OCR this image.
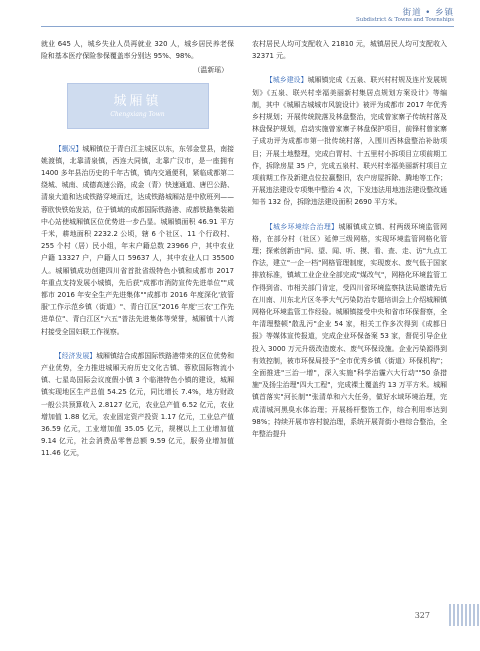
街道 • 乡镇
Subdistrict & Towns and Townships

就业 645 人，城乡失业人员再就业 320 人，城乡居民养老保险和基本医疗保险参保覆盖率分别达 95%、98%。

（温新瑶）
城厢镇
Chengxiang Town

【概况】城厢镇位于青白江主城区以东，东邻金堂县，南接姚渡镇，北靠清泉镇，西连大同镇，北靠广汉市，是一座拥有 1400 多年县治历史的千年古镇，镇内交通便利，紧临成都第二绕城、城南、成德高速公路，成金（青）快速通道、唐巴公路、清泉大道和达成铁路穿境而过，达成铁路城厢站是中欧班列——蓉欧快铁始发站，位于镇域的成都国际铁路港、成都铁路集装箱中心站使城厢镇区位优势进一步凸显。城厢镇面积 46.91 平方千米，耕地面积 2232.2 公顷，辖 6 个社区、11 个行政村、255 个村（居）民小组，年末户籍总数 23966 户，其中农业户籍 13327 户，户籍人口 59637 人，其中农业人口 35500 人。城厢镇成功创建四川省首批省级特色小镇和成都市 2017 年重点支持发展小城镇，先后获"成都市消防宣传先进单位""成都市 2016 年安全生产先进集体""成都市 2016 年度深化'放管服'工作示范乡镇（街道）"、青白江区"2016 年度'三农'工作先进单位"、青白江区"六五"普法先进集体等荣誉，城厢镇十八湾村接受全国妇联工作视察。

【经济发展】城厢镇结合成都国际铁路港带来的区位优势和产业优势，全力推进城厢天府历史文化古镇、蓉欧国际物流小镇、七星岛国际会议度假小镇 3 个临港特色小镇的建设，城厢镇实现地区生产总值 54.25 亿元，同比增长 7.4%，地方财政一般公共预算收入 2.8127 亿元，农业总产值 6.52 亿元，农业增加值 1.88 亿元，农业固定资产投资 1.17 亿元，工业总产值 36.59 亿元，工业增加值 35.05 亿元，规模以上工业增加值 9.14 亿元，社会消费品零售总额 9.59 亿元，服务业增加值 11.46 亿元，

农村居民人均可支配收入 21810 元，城镇居民人均可支配收入 32371 元。

【城乡建设】城厢镇完成《五泉、联兴村村规及连片发展规划》《五泉、联兴村幸福美丽新村集居点规划方案设计》等编制，其中《城厢古城城市风貌设计》被评为成都市 2017 年优秀乡村规划；开展传统院落及林盘整治，完成曾家寨子传统村落及林盘保护规划，启动实施曾家寨子林盘保护项目，前锋村曾家寨子成功评为成都市第一批传统村落，入围川西林盘整治补助项目；开展土地整理，完成白胃村、十五里村小拆项目立项前期工作，拆除房屋 35 户，完成五泉村、联兴村幸福美丽新村项目立项前期工作及新建点位拉赢整旧，农户房屋拆除、腾地等工作；开展违法建设专项集中整治 4 次，下发违法用地违法建设整改通知书 132 份，拆除违法建设面积 2690 平方米。

【城乡环境综合治理】城厢镇成立镇、村两级环境监管网格，在部分村（社区）延伸三级网格，实现环境监管网格化管理；探索创新由"问、望、闻、听、摸、看、查、走、访"九点工作法，建立"一企一档"网格管理制度，实现废水、废气低于国家排放标准，镇域工业企业全部完成"煤改气"，网格化环境监管工作得到省、市相关部门肯定，受四川省环境监察执法局邀请先后在川南、川东北片区冬季大气污染防治专题培训会上介绍城厢镇网格化环境监管工作经验。城厢镇接受中央和省市环保督察，全年清理整顿"散乱污"企业 54 家，相关工作多次得到《成都日报》等媒体宣传报道，完成企业环保备案 53 家，督促引导企业投入 3000 万元升级改造废水、废气环保设施。企业污染源得到有效控制，被市环保局授予"全市优秀乡镇（街道）环保机构"；全面推进"三治一增"，深入实施"科学治霾六大行动""50 条措施"及扬尘治理"四大工程"，完成裸土覆盖约 13 万平方米。城厢镇首落实"河长制""张清单和六大任务，做好水域环境治理，完成清城河黑臭水体治理；开展杨杆整饬工作，综合利用率达到 98%；持续开展市容村貌治理，系统开展背街小巷综合整治，全年整治提升

327
